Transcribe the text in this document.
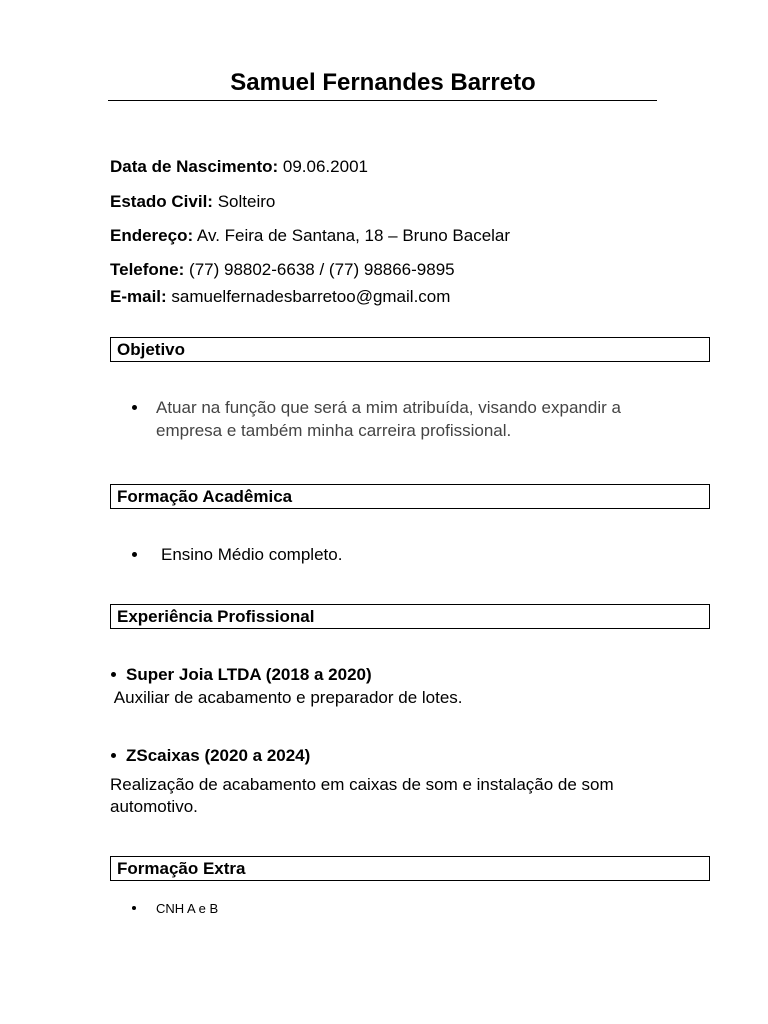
Samuel Fernandes Barreto
Data de Nascimento: 09.06.2001
Estado Civil: Solteiro
Endereço: Av. Feira de Santana, 18 – Bruno Bacelar
Telefone: (77) 98802-6638 / (77) 98866-9895
E-mail: samuelfernadesbarretoo@gmail.com
Objetivo
Atuar na função que será a mim atribuída, visando expandir a
empresa e também minha carreira profissional.
Formação Acadêmica
Ensino Médio completo.
Experiência Profissional
Super Joia LTDA (2018 a 2020)
Auxiliar de acabamento e preparador de lotes.
ZScaixas (2020 a 2024)
Realização de acabamento em caixas de som e instalação de som
automotivo.
Formação Extra
CNH A e B
